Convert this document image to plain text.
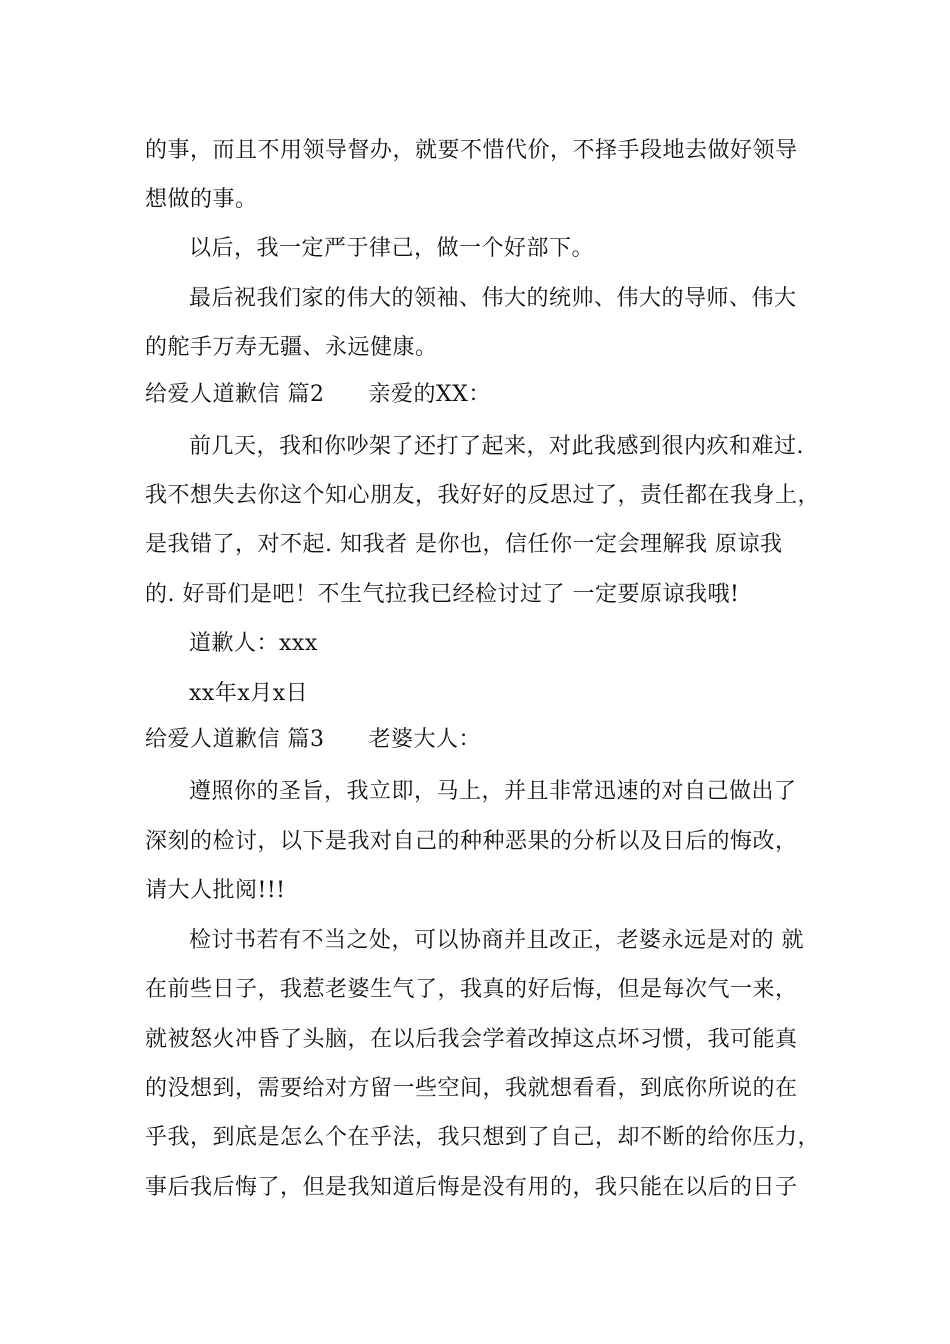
的事，而且不用领导督办，就要不惜代价，不择手段地去做好领导
想做的事。
以后，我一定严于律己，做一个好部下。
最后祝我们家的伟大的领袖、伟大的统帅、伟大的导师、伟大
的舵手万寿无疆、永远健康。
给爱人道歉信 篇2 亲爱的XX：
前几天，我和你吵架了还打了起来，对此我感到很内疚和难过.
我不想失去你这个知心朋友，我好好的反思过了，责任都在我身上，
是我错了，对不起. 知我者 是你也，信任你一定会理解我 原谅我
的. 好哥们是吧！不生气拉我已经检讨过了 一定要原谅我哦!
道歉人：xxx
xx年x月x日
给爱人道歉信 篇3 老婆大人：
遵照你的圣旨，我立即，马上，并且非常迅速的对自己做出了
深刻的检讨，以下是我对自己的种种恶果的分析以及日后的悔改，
请大人批阅!!!
检讨书若有不当之处，可以协商并且改正，老婆永远是对的 就
在前些日子，我惹老婆生气了，我真的好后悔，但是每次气一来，
就被怒火冲昏了头脑，在以后我会学着改掉这点坏习惯，我可能真
的没想到，需要给对方留一些空间，我就想看看，到底你所说的在
乎我，到底是怎么个在乎法，我只想到了自己，却不断的给你压力，
事后我后悔了，但是我知道后悔是没有用的，我只能在以后的日子
